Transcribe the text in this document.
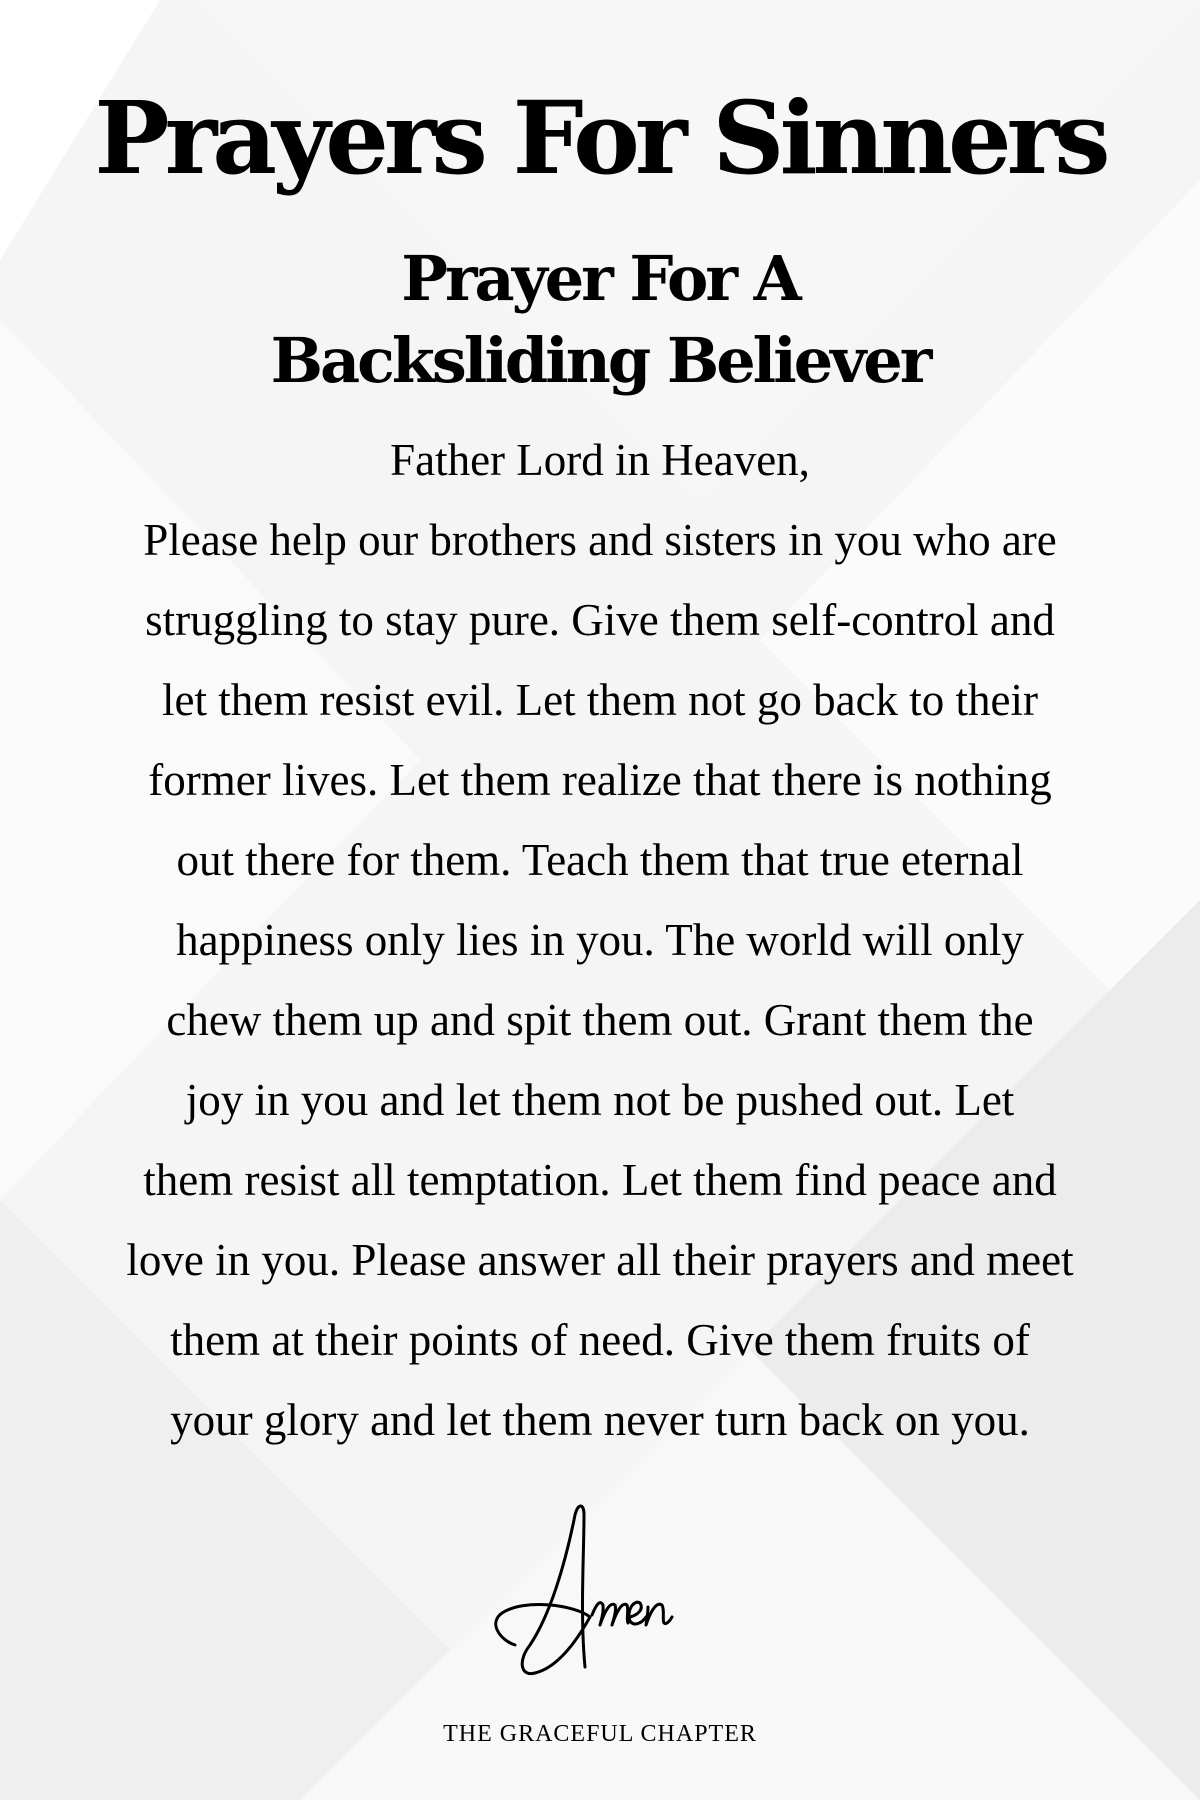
Prayers For Sinners
Prayer For A
Backsliding Believer
Father Lord in Heaven,
Please help our brothers and sisters in you who are
struggling to stay pure. Give them self-control and
let them resist evil. Let them not go back to their
former lives. Let them realize that there is nothing
out there for them. Teach them that true eternal
happiness only lies in you. The world will only
chew them up and spit them out. Grant them the
joy in you and let them not be pushed out. Let
them resist all temptation. Let them find peace and
love in you. Please answer all their prayers and meet
them at their points of need. Give them fruits of
your glory and let them never turn back on you.
THE GRACEFUL CHAPTER
